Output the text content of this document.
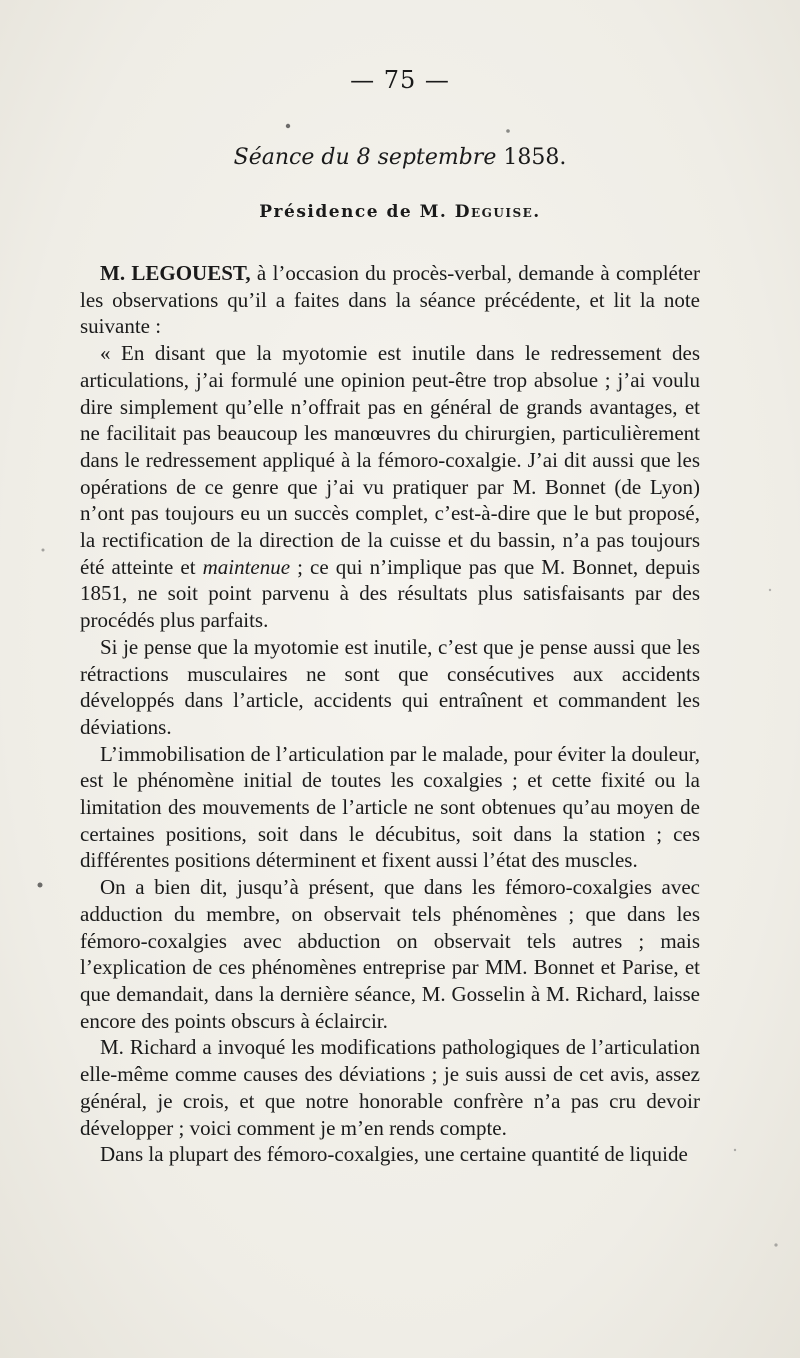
— 75 —
Séance du 8 septembre 1858.
Présidence de M. Deguise.

M. LEGOUEST, à l’occasion du procès-verbal, demande à compléter les observations qu’il a faites dans la séance précédente, et lit la note suivante :

« En disant que la myotomie est inutile dans le redressement des articulations, j’ai formulé une opinion peut-être trop absolue ; j’ai voulu dire simplement qu’elle n’offrait pas en général de grands avantages, et ne facilitait pas beaucoup les manœuvres du chirurgien, particulièrement dans le redressement appliqué à la fémoro-coxalgie. J’ai dit aussi que les opérations de ce genre que j’ai vu pratiquer par M. Bonnet (de Lyon) n’ont pas toujours eu un succès complet, c’est-à-dire que le but proposé, la rectification de la direction de la cuisse et du bassin, n’a pas toujours été atteinte et maintenue ; ce qui n’implique pas que M. Bonnet, depuis 1851, ne soit point parvenu à des résultats plus satisfaisants par des procédés plus parfaits.

Si je pense que la myotomie est inutile, c’est que je pense aussi que les rétractions musculaires ne sont que consécutives aux accidents développés dans l’article, accidents qui entraînent et commandent les déviations.

L’immobilisation de l’articulation par le malade, pour éviter la douleur, est le phénomène initial de toutes les coxalgies ; et cette fixité ou la limitation des mouvements de l’article ne sont obtenues qu’au moyen de certaines positions, soit dans le décubitus, soit dans la station ; ces différentes positions déterminent et fixent aussi l’état des muscles.

On a bien dit, jusqu’à présent, que dans les fémoro-coxalgies avec adduction du membre, on observait tels phénomènes ; que dans les fémoro-coxalgies avec abduction on observait tels autres ; mais l’explication de ces phénomènes entreprise par MM. Bonnet et Parise, et que demandait, dans la dernière séance, M. Gosselin à M. Richard, laisse encore des points obscurs à éclaircir.

M. Richard a invoqué les modifications pathologiques de l’articulation elle-même comme causes des déviations ; je suis aussi de cet avis, assez général, je crois, et que notre honorable confrère n’a pas cru devoir développer ; voici comment je m’en rends compte.

Dans la plupart des fémoro-coxalgies, une certaine quantité de liquide
